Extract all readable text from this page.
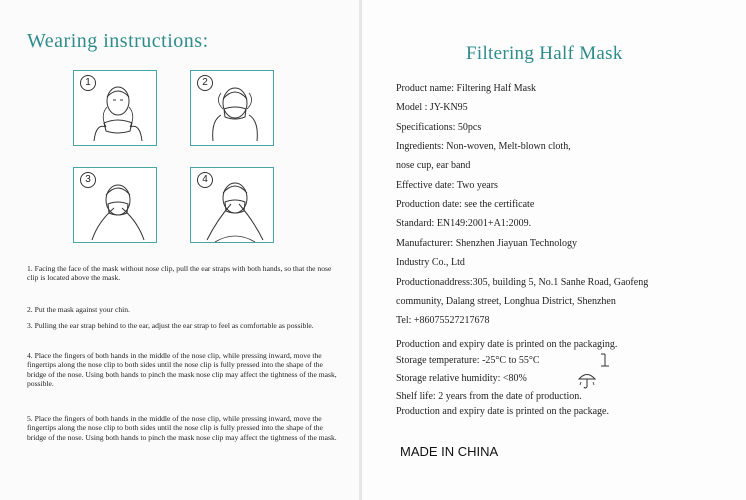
Wearing instructions:
1	2
3	4

1. Facing the face of the mask without nose clip, pull the ear straps with both hands, so that the nose clip is located above the mask.

2. Put the mask against your chin.

3. Pulling the ear strap behind to the ear, adjust the ear strap to feel as comfortable as possible.

4. Place the fingers of both hands in the middle of the nose clip, while pressing inward, move the fingertips along the nose clip to both sides until the nose clip is fully pressed into the shape of the bridge of the nose. Using both hands to pinch the mask nose clip may affect the tightness of the mask, possible.

5. Place the fingers of both hands in the middle of the nose clip, while pressing inward, move the fingertips along the nose clip to both sides until the nose clip is fully pressed into the shape of the bridge of the nose. Using both hands to pinch the mask nose clip may affect the tightness of the mask.

Filtering Half Mask

Product name: Filtering Half Mask

Model : JY-KN95

Specifications: 50pcs

Ingredients: Non-woven, Melt-blown cloth,

nose cup, ear band

Effective date: Two years

Production date: see the certificate

Standard: EN149:2001+A1:2009.

Manufacturer: Shenzhen Jiayuan Technology

Industry Co., Ltd

Productionaddress:305, building 5, No.1 Sanhe Road, Gaofeng

community, Dalang street, Longhua District, Shenzhen

Tel: +86075527217678

Production and expiry date is printed on the packaging.

Storage temperature: -25°C to 55°C

Storage relative humidity: <80%

Shelf life: 2 years from the date of production.

Production and expiry date is printed on the package.

MADE IN CHINA
